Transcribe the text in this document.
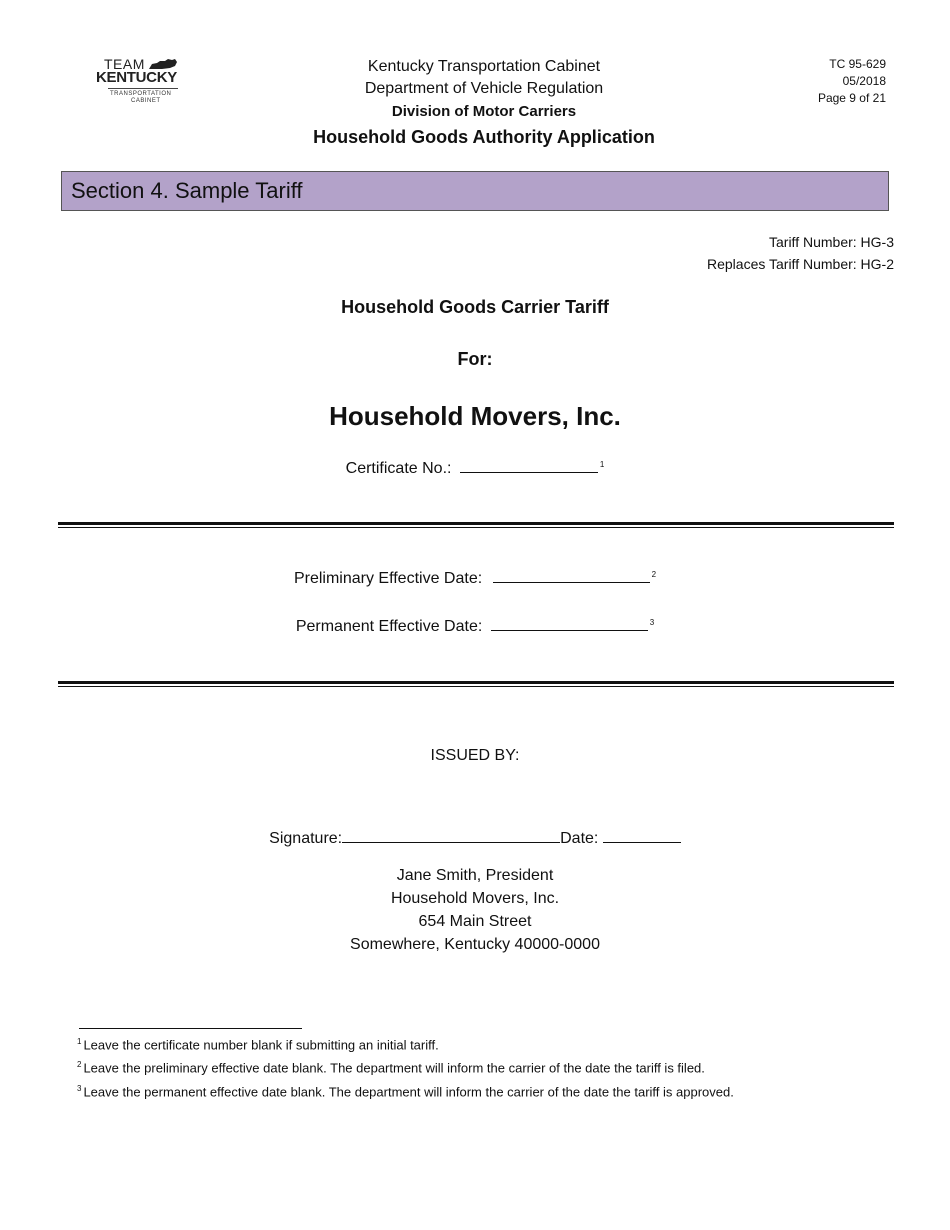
TEAM
KENTUCKY
TRANSPORTATION
CABINET
Kentucky Transportation Cabinet
Department of Vehicle Regulation
Division of Motor Carriers
Household Goods Authority Application
TC 95-629
05/2018
Page 9 of 21
Section 4. Sample Tariff
Tariff Number: HG-3
Replaces Tariff Number: HG-2
Household Goods Carrier Tariff
For:
Household Movers, Inc.
Certificate No.:	$^1$
Preliminary Effective Date:	$^2$
Permanent Effective Date:	$^3$
ISSUED BY:
Signature:	Date:
Jane Smith, President
Household Movers, Inc.
654 Main Street
Somewhere, Kentucky 40000-0000
$^1$ Leave the certificate number blank if submitting an initial tariff.
$^2$ Leave the preliminary effective date blank. The department will inform the carrier of the date the tariff is filed.
$^3$ Leave the permanent effective date blank. The department will inform the carrier of the date the tariff is approved.
